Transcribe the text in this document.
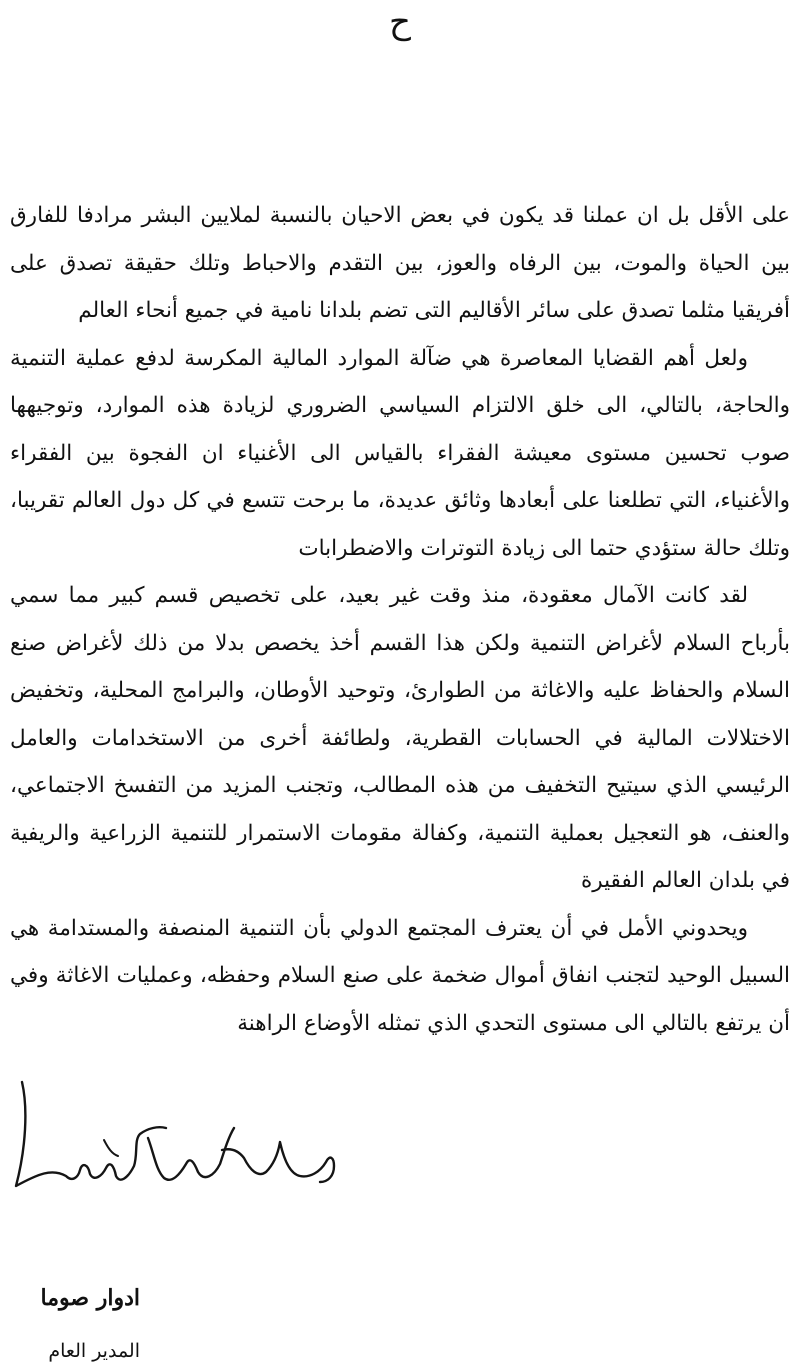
ح

على الأقل بل ان عملنا قد يكون في بعض الاحيان بالنسبة لملايين البشر مرادفا للفارق بين الحياة والموت، بين الرفاه والعوز، بين التقدم والاحباط وتلك حقيقة تصدق على أفريقيا مثلما تصدق على سائر الأقاليم التى تضم بلدانا نامية في جميع أنحاء العالم

ولعل أهم القضايا المعاصرة هي ضآلة الموارد المالية المكرسة لدفع عملية التنمية والحاجة، بالتالي، الى خلق الالتزام السياسي الضروري لزيادة هذه الموارد، وتوجيهها صوب تحسين مستوى معيشة الفقراء بالقياس الى الأغنياء ان الفجوة بين الفقراء والأغنياء، التي تطلعنا على أبعادها وثائق عديدة، ما برحت تتسع في كل دول العالم تقريبا، وتلك حالة ستؤدي حتما الى زيادة التوترات والاضطرابات

لقد كانت الآمال معقودة، منذ وقت غير بعيد، على تخصيص قسم كبير مما سمي بأرباح السلام لأغراض التنمية ولكن هذا القسم أخذ يخصص بدلا من ذلك لأغراض صنع السلام والحفاظ عليه والاغاثة من الطوارئ، وتوحيد الأوطان، والبرامج المحلية، وتخفيض الاختلالات المالية في الحسابات القطرية، ولطائفة أخرى من الاستخدامات والعامل الرئيسي الذي سيتيح التخفيف من هذه المطالب، وتجنب المزيد من التفسخ الاجتماعي، والعنف، هو التعجيل بعملية التنمية، وكفالة مقومات الاستمرار للتنمية الزراعية والريفية في بلدان العالم الفقيرة

ويحدوني الأمل في أن يعترف المجتمع الدولي بأن التنمية المنصفة والمستدامة هي السبيل الوحيد لتجنب انفاق أموال ضخمة على صنع السلام وحفظه، وعمليات الاغاثة وفي أن يرتفع بالتالي الى مستوى التحدي الذي تمثله الأوضاع الراهنة

ادوار صوما
المدير العام
